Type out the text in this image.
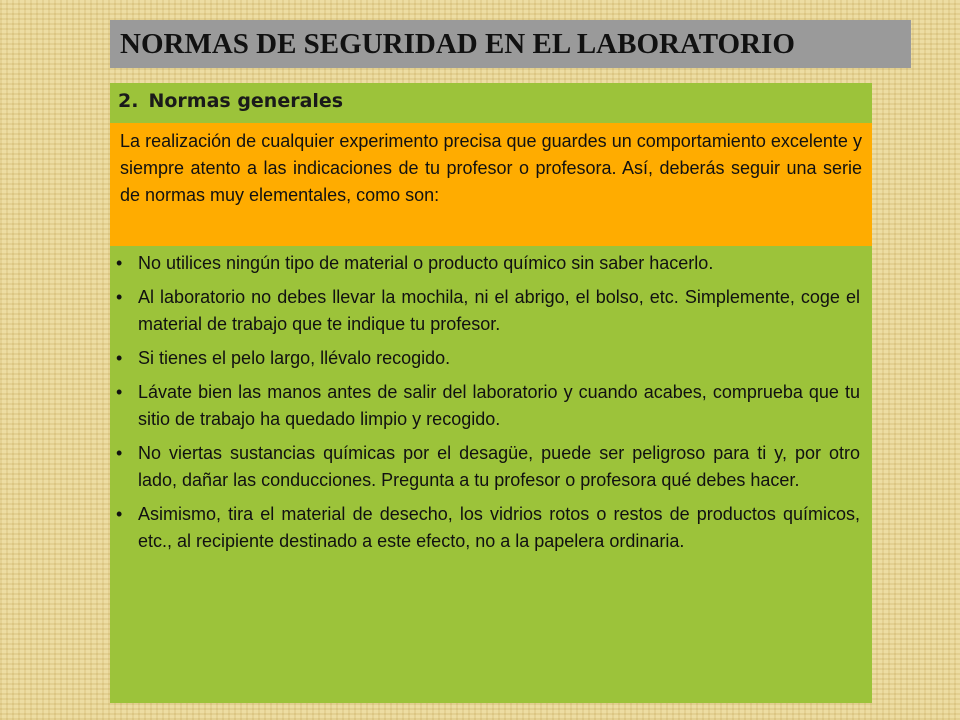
NORMAS DE SEGURIDAD EN EL LABORATORIO
2. Normas generales
La realización de cualquier experimento precisa que guardes un comportamiento excelente y siempre atento a las indicaciones de tu profesor o profesora. Así, deberás seguir una serie de normas muy elementales, como son:
• No utilices ningún tipo de material o producto químico sin saber hacerlo.
• Al laboratorio no debes llevar la mochila, ni el abrigo, el bolso, etc. Simplemente, coge el material de trabajo que te indique tu profesor.
• Si tienes el pelo largo, llévalo recogido.
• Lávate bien las manos antes de salir del laboratorio y cuando acabes, comprueba que tu sitio de trabajo ha quedado limpio y recogido.
• No viertas sustancias químicas por el desagüe, puede ser peligroso para ti y, por otro lado, dañar las conducciones. Pregunta a tu profesor o profesora qué debes hacer.
• Asimismo, tira el material de desecho, los vidrios rotos o restos de productos químicos, etc., al recipiente destinado a este efecto, no a la papelera ordinaria.
